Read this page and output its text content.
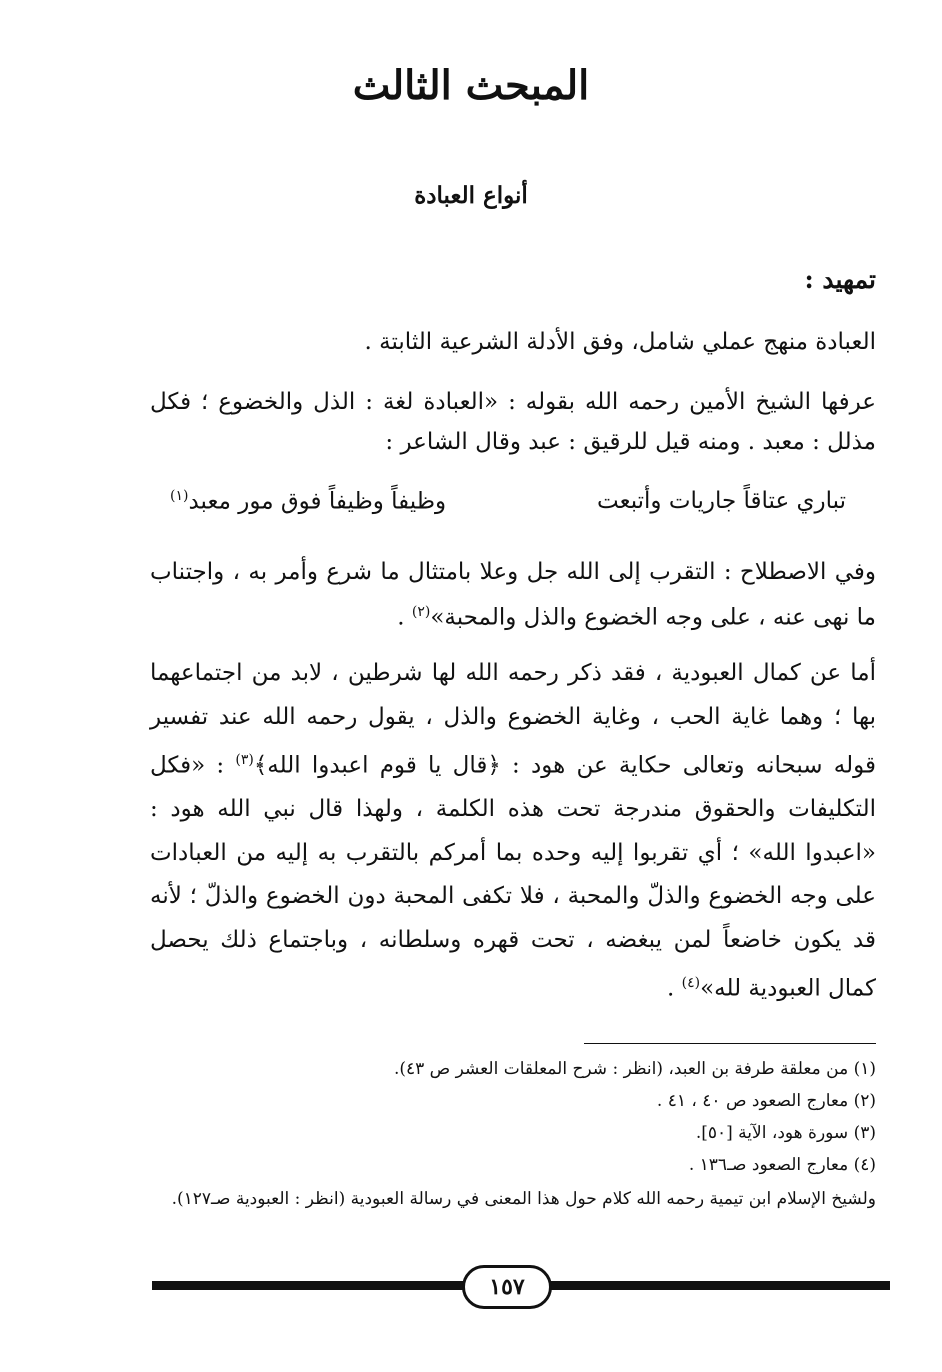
المبحث الثالث
أنواع العبادة
تمهيد :

العبادة منهج عملي شامل، وفق الأدلة الشرعية الثابتة .

عرفها الشيخ الأمين رحمه الله بقوله : «العبادة لغة : الذل والخضوع ؛ فكل مذلل : معبد . ومنه قيل للرقيق : عبد وقال الشاعر :

تباري عتاقاً جاريات وأتبعت
وظيفاً وظيفاً فوق مور معبد$^{(١)}$

وفي الاصطلاح : التقرب إلى الله جل وعلا بامتثال ما شرع وأمر به ، واجتناب ما نهى عنه ، على وجه الخضوع والذل والمحبة»$^{(٢)}$ .

أما عن كمال العبودية ، فقد ذكر رحمه الله لها شرطين ، لابد من اجتماعهما بها ؛ وهما غاية الحب ، وغاية الخضوع والذل ، يقول رحمه الله عند تفسير قوله سبحانه وتعالى حكاية عن هود : ﴿قال يا قوم اعبدوا الله﴾$^{(٣)}$ : «فكل التكليفات والحقوق مندرجة تحت هذه الكلمة ، ولهذا قال نبي الله هود : «اعبدوا الله» ؛ أي تقربوا إليه وحده بما أمركم بالتقرب به إليه من العبادات على وجه الخضوع والذلّ والمحبة ، فلا تكفى المحبة دون الخضوع والذلّ ؛ لأنه قد يكون خاضعاً لمن يبغضه ، تحت قهره وسلطانه ، وباجتماع ذلك يحصل كمال العبودية لله»$^{(٤)}$ .

(١) من معلقة طرفة بن العبد، (انظر : شرح المعلقات العشر ص ٤٣).
(٢) معارج الصعود ص ٤٠ ، ٤١ .
(٣) سورة هود، الآية [٥٠].
(٤) معارج الصعود صـ١٣٦ .
ولشيخ الإسلام ابن تيمية رحمه الله كلام حول هذا المعنى في رسالة العبودية (انظر : العبودية صـ١٢٧).
١٥٧
